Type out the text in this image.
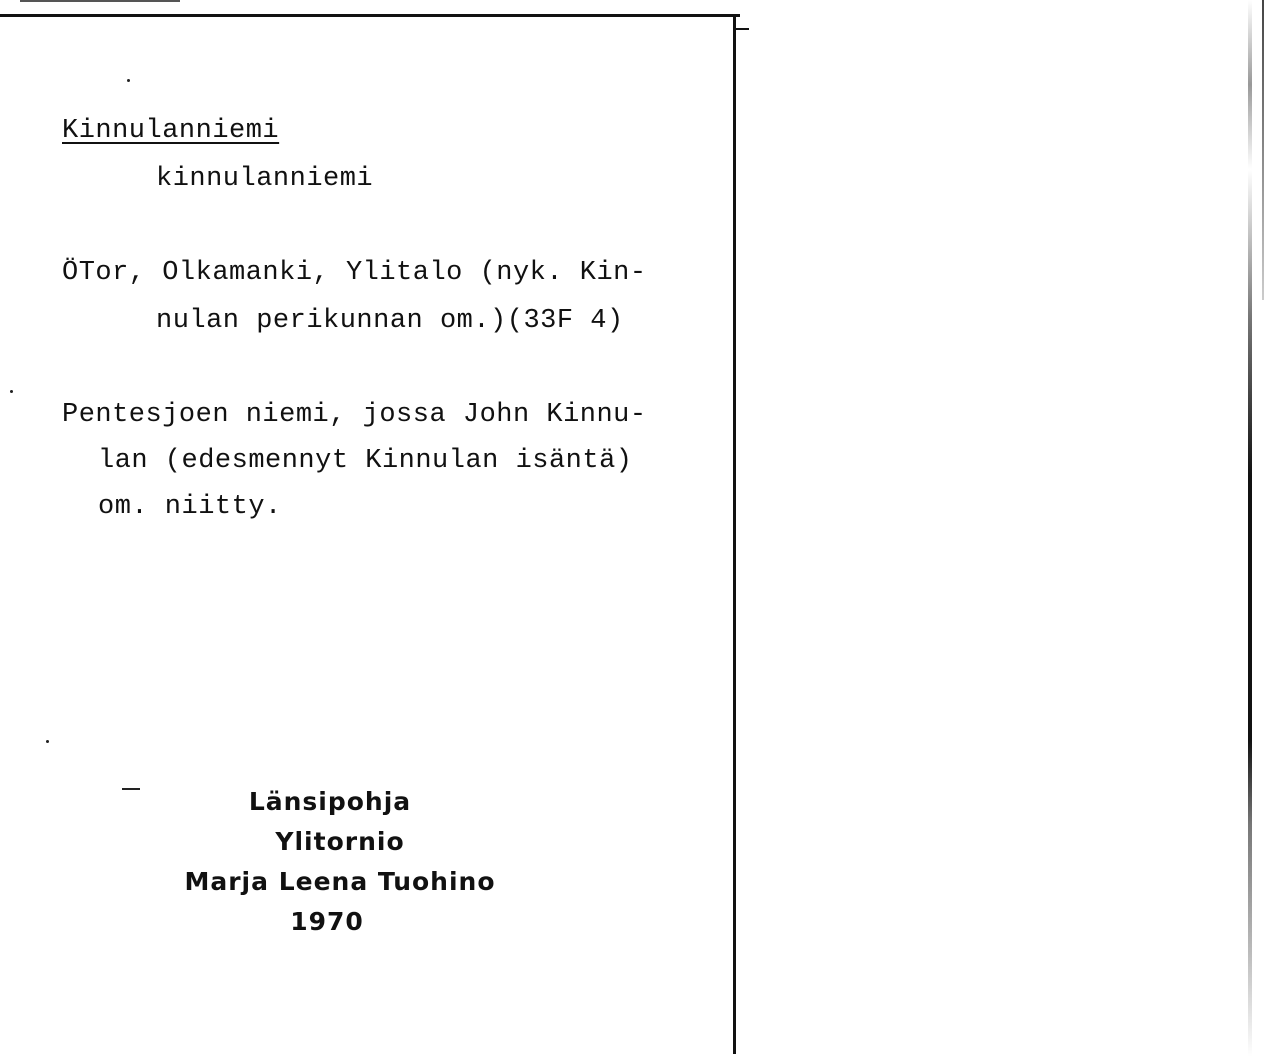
Kinnulanniemi
kinnulanniemi
ÖTor, Olkamanki, Ylitalo (nyk. Kin-
nulan perikunnan om.)(33F 4)
Pentesjoen niemi, jossa John Kinnu-
lan (edesmennyt Kinnulan isäntä)
om. niitty.
Länsipohja
Ylitornio
Marja Leena Tuohino
1970
